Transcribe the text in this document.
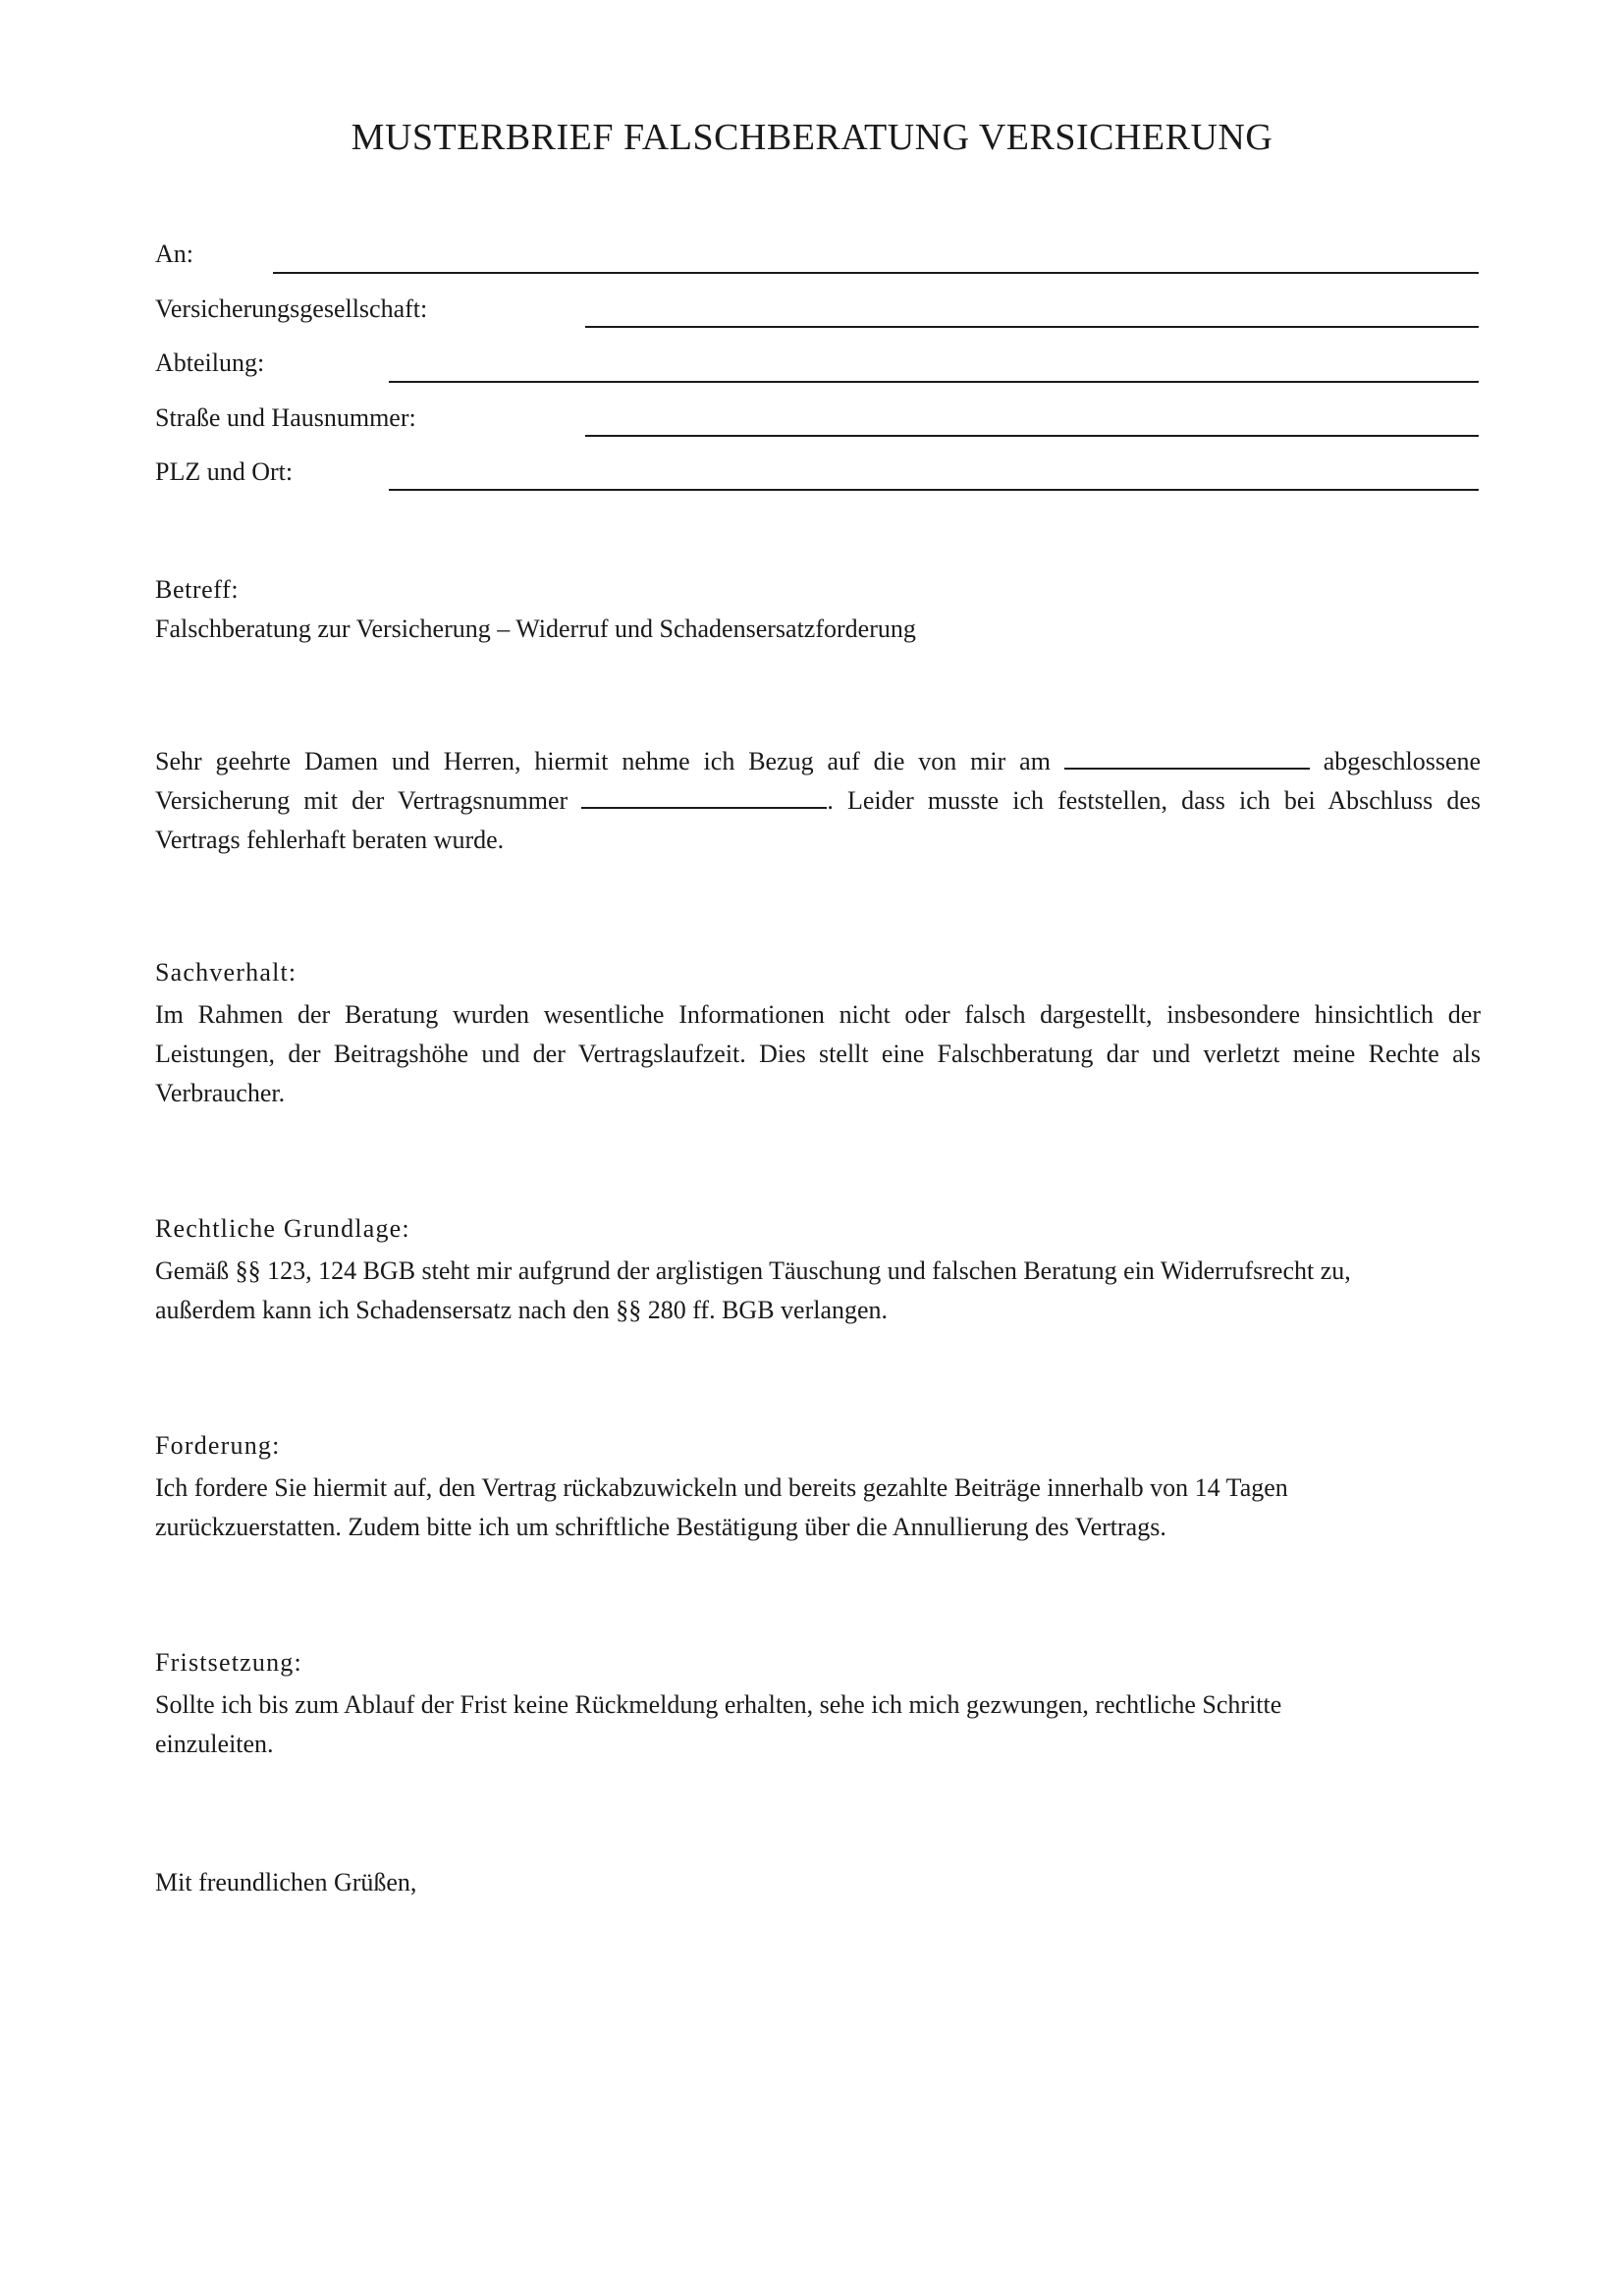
MUSTERBRIEF FALSCHBERATUNG VERSICHERUNG
An:
Versicherungsgesellschaft:
Abteilung:
Straße und Hausnummer:
PLZ und Ort:
Betreff:
Falschberatung zur Versicherung – Widerruf und Schadensersatzforderung
Sehr geehrte Damen und Herren, hiermit nehme ich Bezug auf die von mir am	abgeschlossene
Versicherung mit der Vertragsnummer	. Leider musste ich feststellen, dass ich bei Abschluss des
Vertrags fehlerhaft beraten wurde.
Sachverhalt:
Im Rahmen der Beratung wurden wesentliche Informationen nicht oder falsch dargestellt, insbesondere hinsichtlich der
Leistungen, der Beitragshöhe und der Vertragslaufzeit. Dies stellt eine Falschberatung dar und verletzt meine Rechte als
Verbraucher.
Rechtliche Grundlage:
Gemäß §§ 123, 124 BGB steht mir aufgrund der arglistigen Täuschung und falschen Beratung ein Widerrufsrecht zu,
außerdem kann ich Schadensersatz nach den §§ 280 ff. BGB verlangen.
Forderung:
Ich fordere Sie hiermit auf, den Vertrag rückabzuwickeln und bereits gezahlte Beiträge innerhalb von 14 Tagen
zurückzuerstatten. Zudem bitte ich um schriftliche Bestätigung über die Annullierung des Vertrags.
Fristsetzung:
Sollte ich bis zum Ablauf der Frist keine Rückmeldung erhalten, sehe ich mich gezwungen, rechtliche Schritte
einzuleiten.
Mit freundlichen Grüßen,
